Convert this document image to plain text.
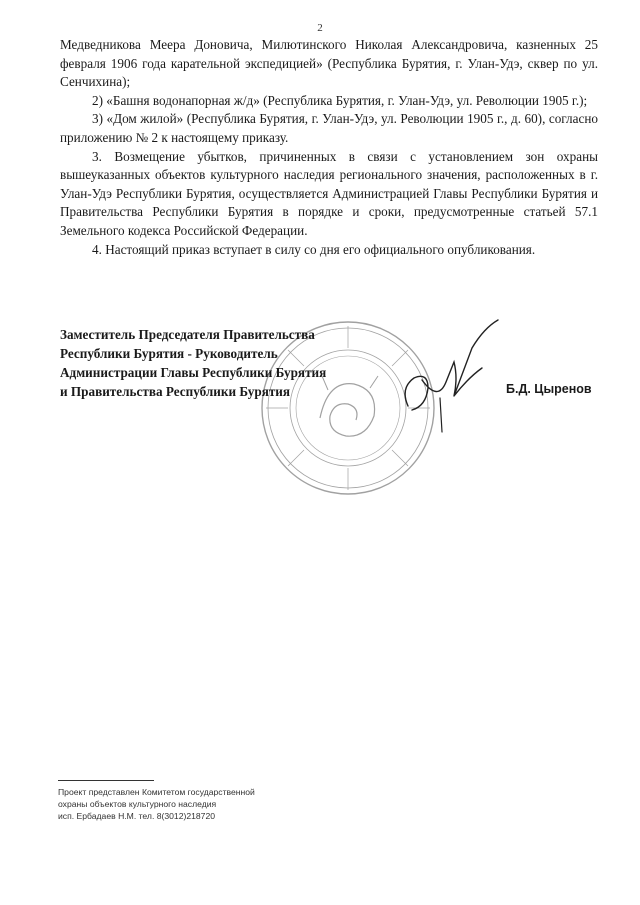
2

Медведникова Меера Доновича, Милютинского Николая Александровича, казненных 25 февраля 1906 года карательной экспедицией» (Республика Бурятия, г. Улан-Удэ, сквер по ул. Сенчихина);

2) «Башня водонапорная ж/д» (Республика Бурятия, г. Улан-Удэ, ул. Революции 1905 г.);

3) «Дом жилой» (Республика Бурятия, г. Улан-Удэ, ул. Революции 1905 г., д. 60), согласно приложению № 2 к настоящему приказу.

3. Возмещение убытков, причиненных в связи с установлением зон охраны вышеуказанных объектов культурного наследия регионального значения, расположенных в г. Улан-Удэ Республики Бурятия, осуществляется Администрацией Главы Республики Бурятия и Правительства Республики Бурятия в порядке и сроки, предусмотренные статьей 57.1 Земельного кодекса Российской Федерации.

4. Настоящий приказ вступает в силу со дня его официального опубликования.

Заместитель Председателя Правительства
Республики Бурятия - Руководитель
Администрации Главы Республики Бурятия
и Правительства Республики Бурятия	Б.Д. Цыренов
Проект представлен Комитетом государственной
охраны объектов культурного наследия
исп. Ербадаев Н.М. тел. 8(3012)218720
